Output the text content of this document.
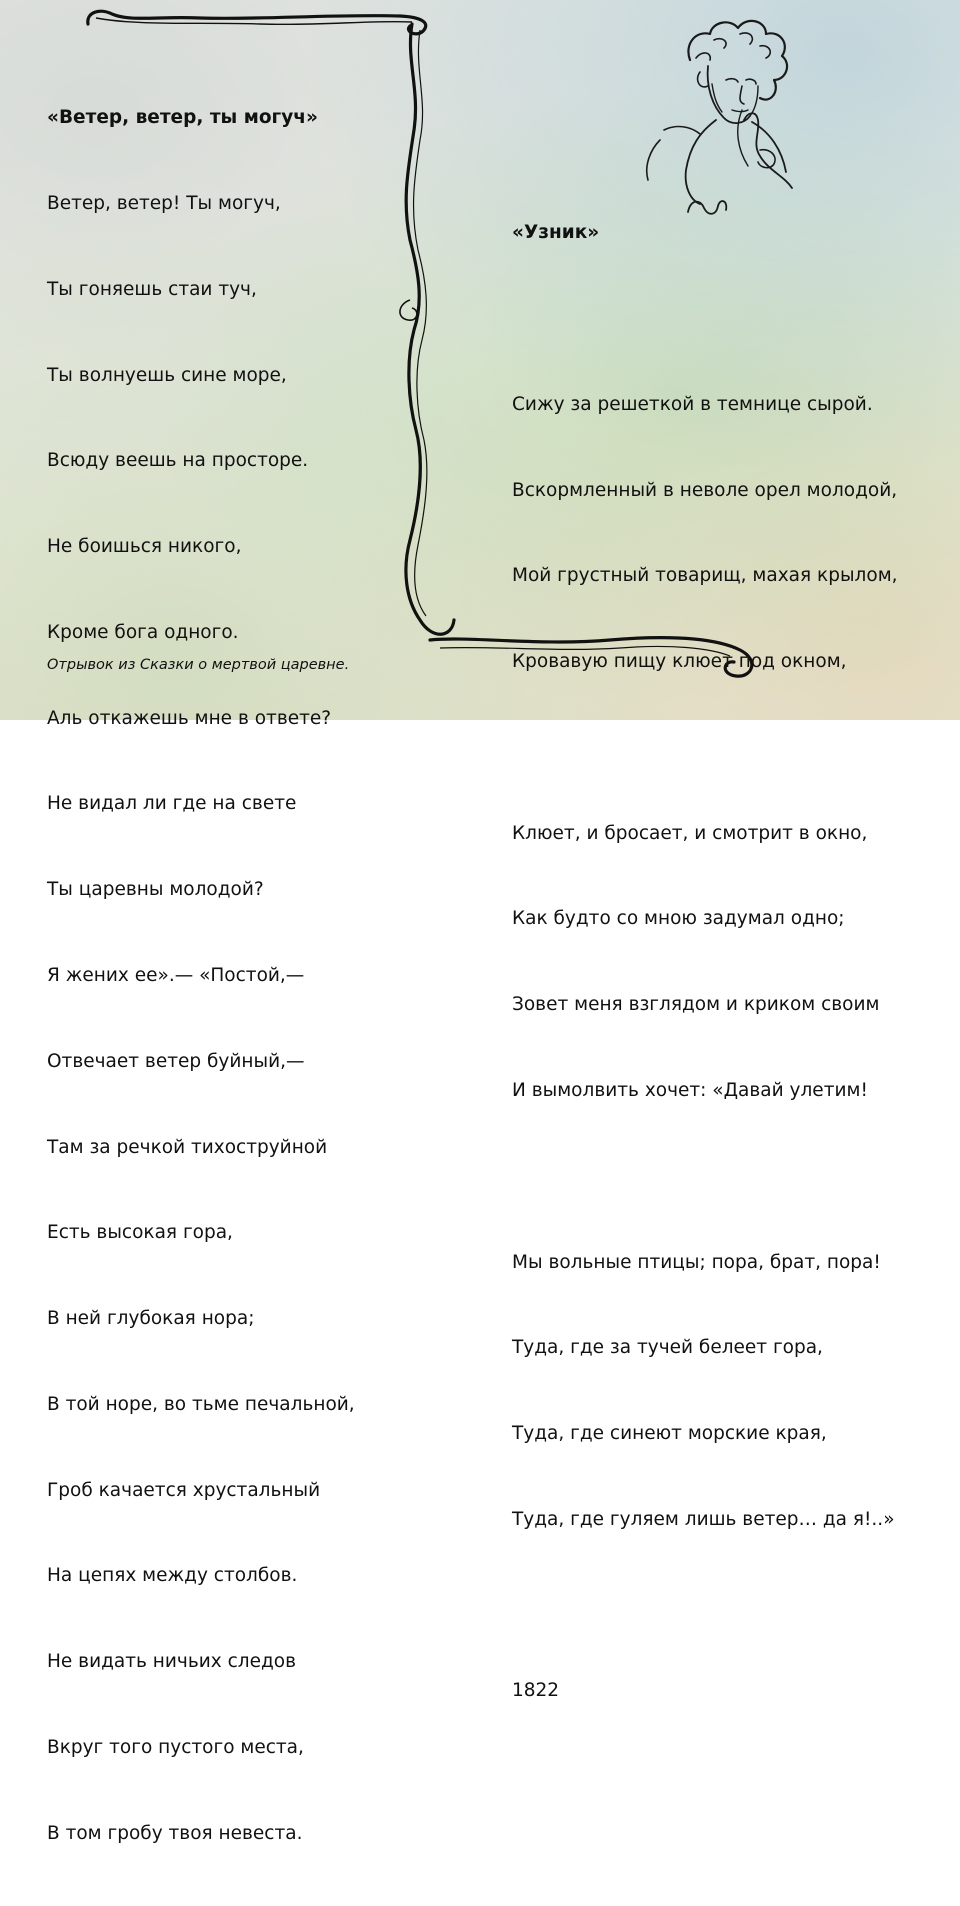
«Ветер, ветер, ты могуч»

Ветер, ветер! Ты могуч,

Ты гоняешь стаи туч,

Ты волнуешь сине море,

Всюду веешь на просторе.

Не боишься никого,

Кроме бога одного.

Аль откажешь мне в ответе?

Не видал ли где на свете

Ты царевны молодой?

Я жених ее».— «Постой,—

Отвечает ветер буйный,—

Там за речкой тихоструйной

Есть высокая гора,

В ней глубокая нора;

В той норе, во тьме печальной,

Гроб качается хрустальный

На цепях между столбов.

Не видать ничьих следов

Вкруг того пустого места,

В том гробу твоя невеста.

Отрывок из Сказки о мертвой царевне.

«Узник»

Сижу за решеткой в темнице сырой.

Вскормленный в неволе орел молодой,

Мой грустный товарищ, махая крылом,

Кровавую пищу клюет под окном,

Клюет, и бросает, и смотрит в окно,

Как будто со мною задумал одно;

Зовет меня взглядом и криком своим

И вымолвить хочет: «Давай улетим!

Мы вольные птицы; пора, брат, пора!

Туда, где за тучей белеет гора,

Туда, где синеют морские края,

Туда, где гуляем лишь ветер… да я!..»

1822
